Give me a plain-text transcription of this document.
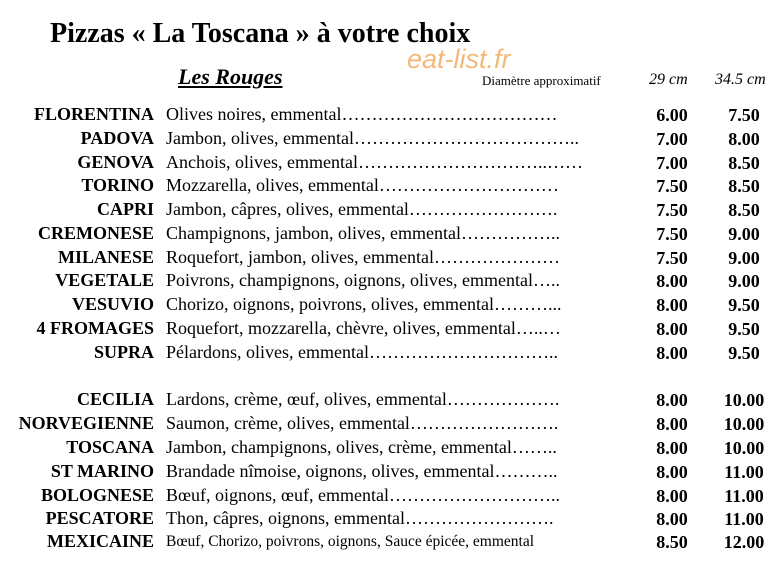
Pizzas « La Toscana » à votre choix
eat-list.fr
Les Rouges	Diamètre approximatif	29 cm 34.5 cm
FLORENTINA Olives noires, emmental………………………………	6.00	7.50
PADOVA Jambon, olives, emmental………………………………..	7.00	8.00
GENOVA Anchois, olives, emmental…………………………..……	7.00	8.50
TORINO Mozzarella, olives, emmental…………………………	7.50	8.50
CAPRI Jambon, câpres, olives, emmental…………………….	7.50	8.50
CREMONESE Champignons, jambon, olives, emmental……………..	7.50	9.00
MILANESE Roquefort, jambon, olives, emmental…………………	7.50	9.00
VEGETALE Poivrons, champignons, oignons, olives, emmental…..	8.00	9.00
VESUVIO Chorizo, oignons, poivrons, olives, emmental………...	8.00	9.50
4 FROMAGES Roquefort, mozzarella, chèvre, olives, emmental…..…	8.00	9.50
SUPRA Pélardons, olives, emmental…………………………..	8.00	9.50
CECILIA Lardons, crème, œuf, olives, emmental……………….	8.00	10.00
NORVEGIENNE Saumon, crème, olives, emmental…………………….	8.00	10.00
TOSCANA Jambon, champignons, olives, crème, emmental……..	8.00	10.00
ST MARINO Brandade nîmoise, oignons, olives, emmental………..	8.00	11.00
BOLOGNESE Bœuf, oignons, œuf, emmental………………………..	8.00	11.00
PESCATORE Thon, câpres, oignons, emmental…………………….	8.00	11.00
MEXICAINE Bœuf, Chorizo, poivrons, oignons, Sauce épicée, emmental	8.50	12.00
